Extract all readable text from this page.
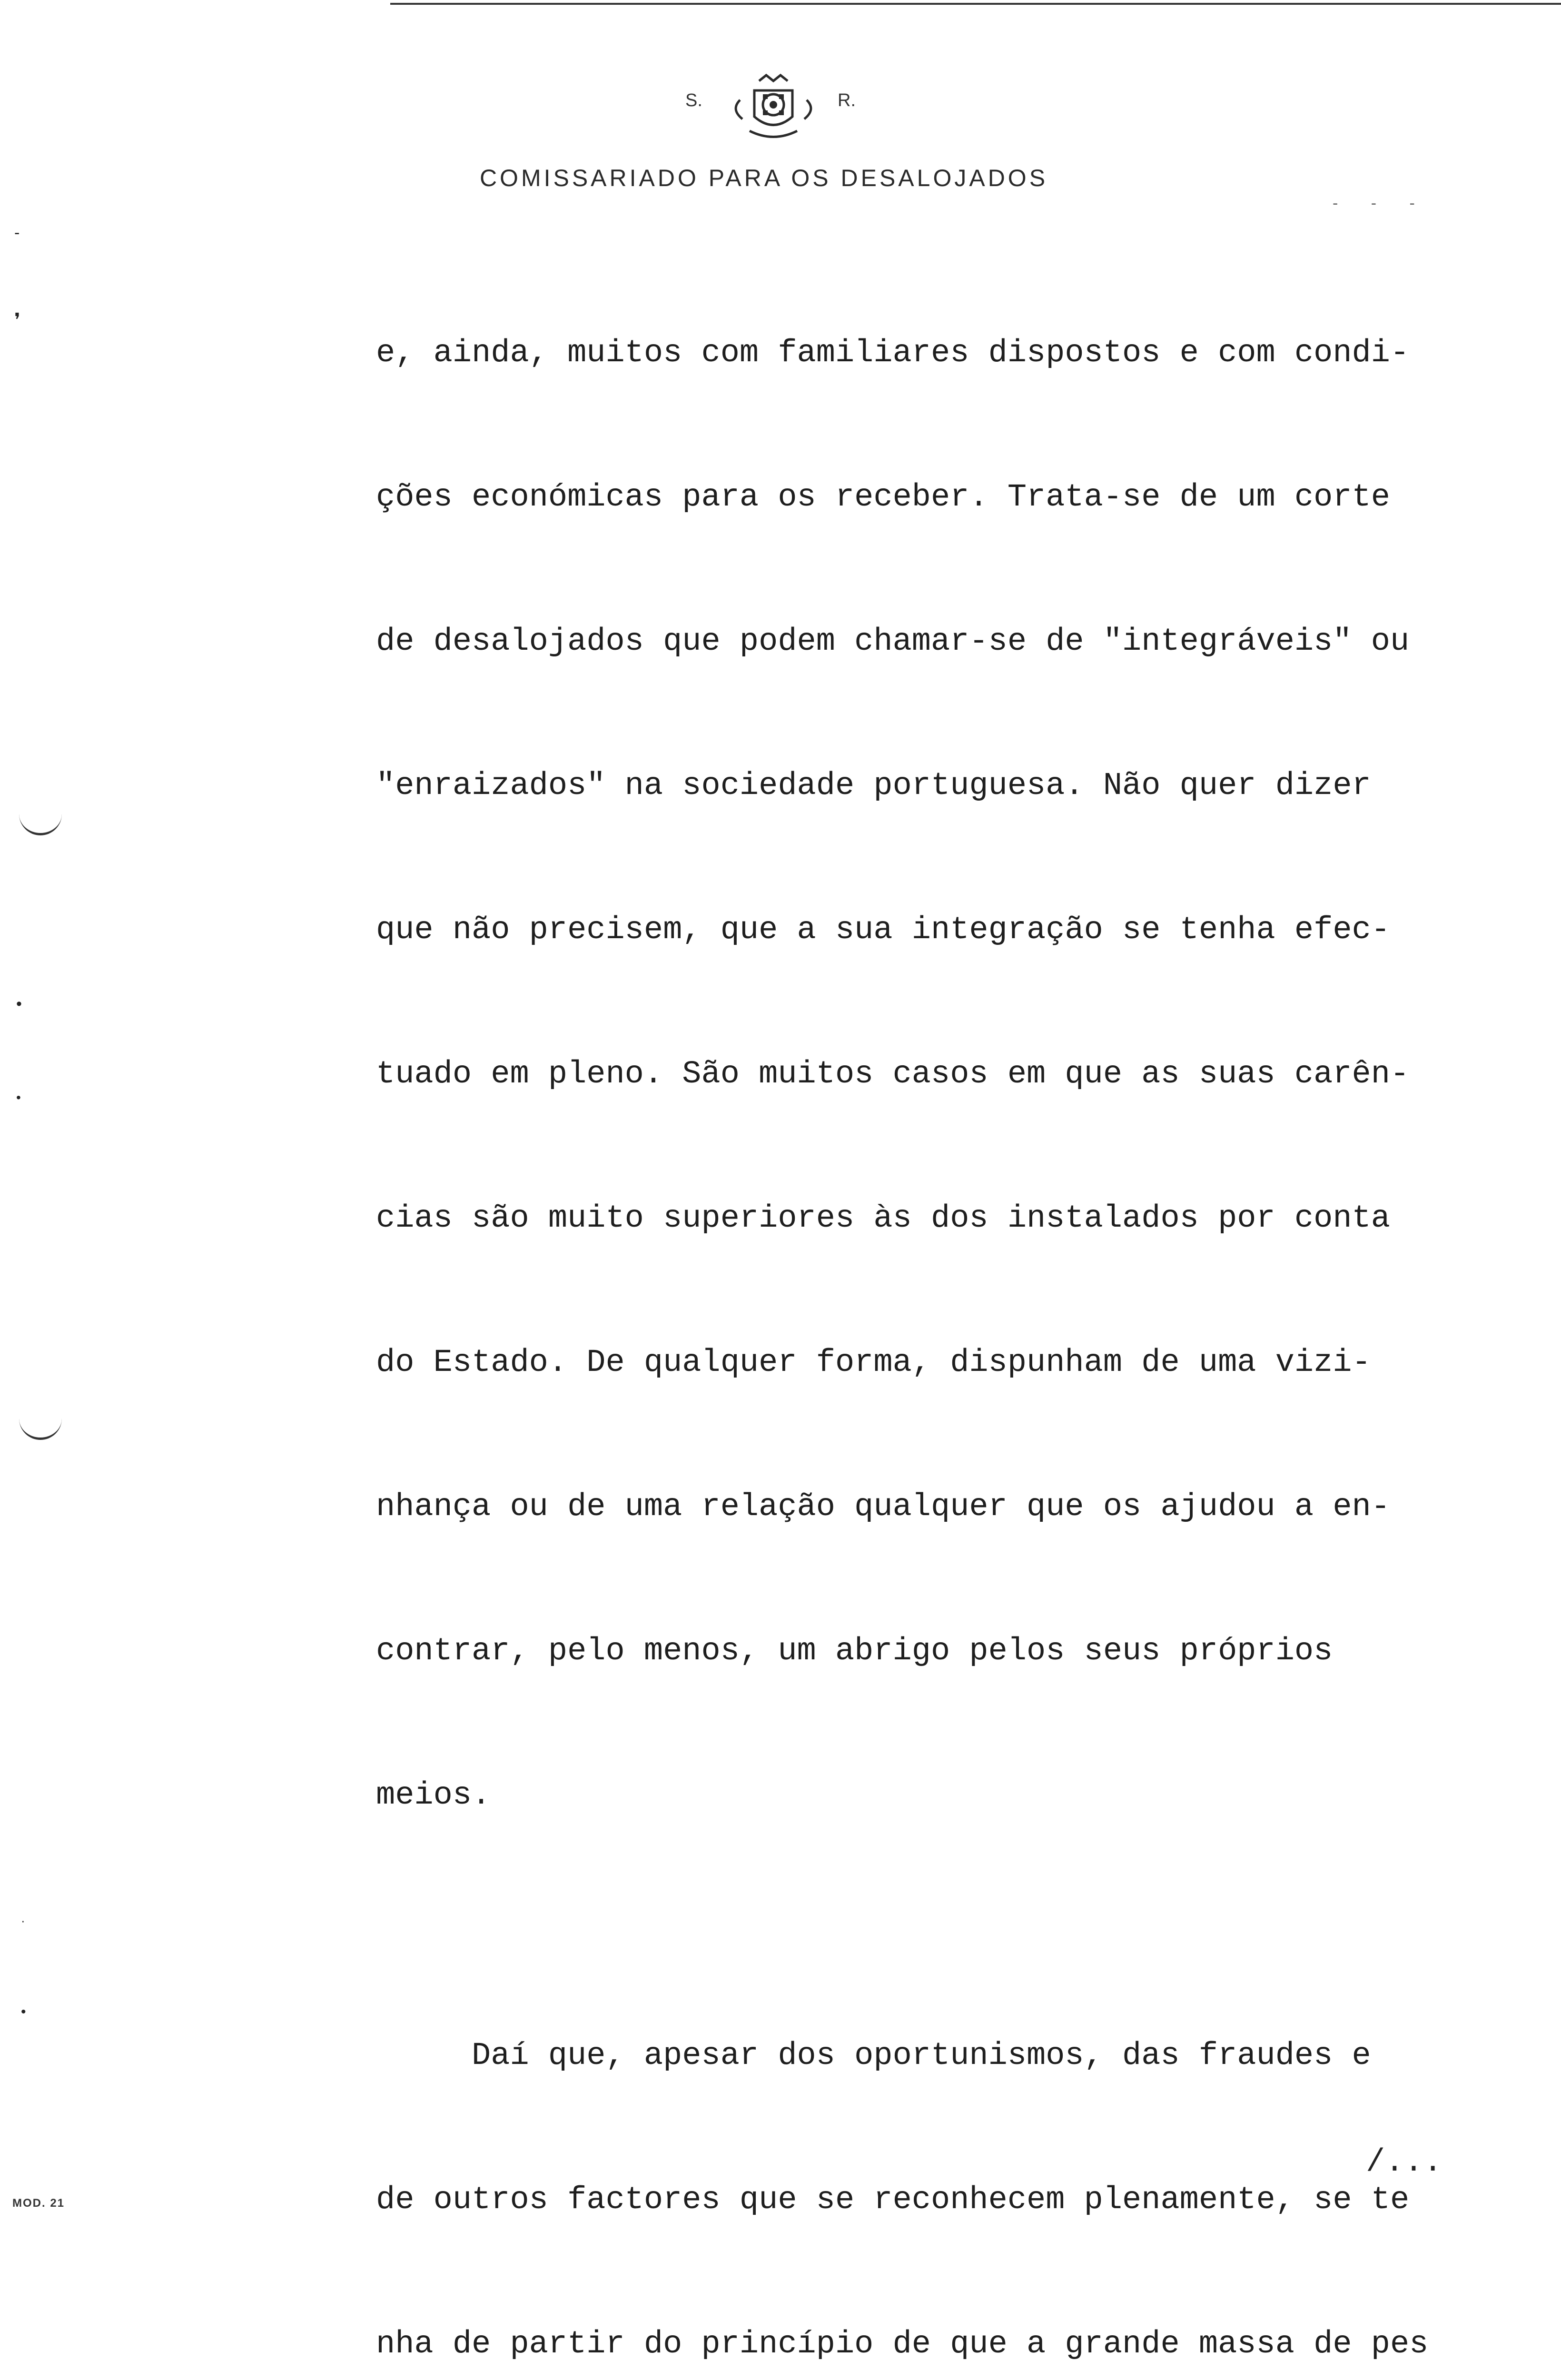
S.	R.
COMISSARIADO PARA OS DESALOJADOS
- - -

e, ainda, muitos com familiares dispostos e com condi-

ções económicas para os receber. Trata-se de um corte

de desalojados que podem chamar-se de "integráveis" ou

"enraizados" na sociedade portuguesa. Não quer dizer

que não precisem, que a sua integração se tenha efec-

tuado em pleno. São muitos casos em que as suas carên-

cias são muito superiores às dos instalados por conta

do Estado. De qualquer forma, dispunham de uma vizi-

nhança ou de uma relação qualquer que os ajudou a en-

contrar, pelo menos, um abrigo pelos seus próprios

meios.

Daí que, apesar dos oportunismos, das fraudes e

de outros factores que se reconhecem plenamente, se te

nha de partir do princípio de que a grande massa de pes

/...
MOD. 21
-
❜
•
•
·
•
